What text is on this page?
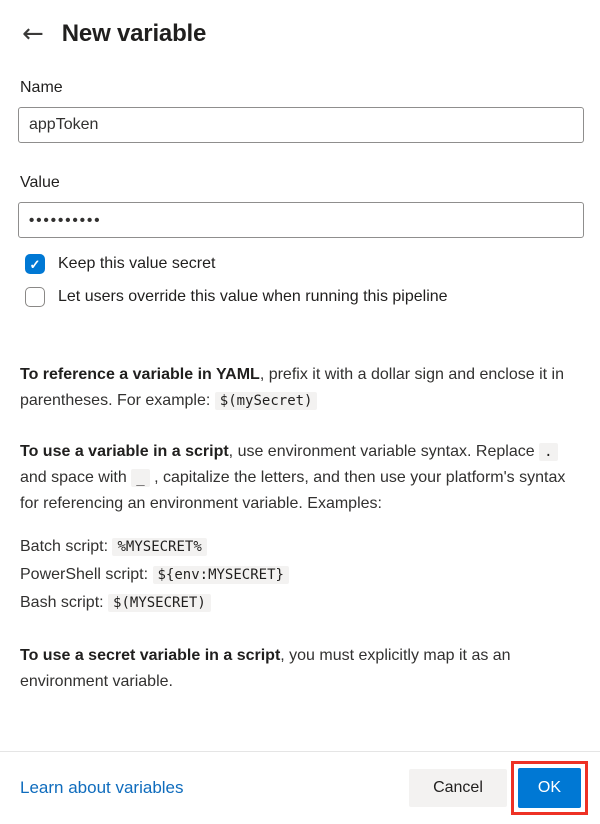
← New variable
Name
appToken
Value
••••••••••
✓ Keep this value secret
Let users override this value when running this pipeline

To reference a variable in YAML, prefix it with a dollar sign and enclose it in parentheses. For example: $(mySecret)

To use a variable in a script, use environment variable syntax. Replace . and space with _ , capitalize the letters, and then use your platform's syntax for referencing an environment variable. Examples:

Batch script: %MYSECRET%
PowerShell script: ${env:MYSECRET}
Bash script: $(MYSECRET)

To use a secret variable in a script, you must explicitly map it as an environment variable.

Learn about variables	Cancel	OK
